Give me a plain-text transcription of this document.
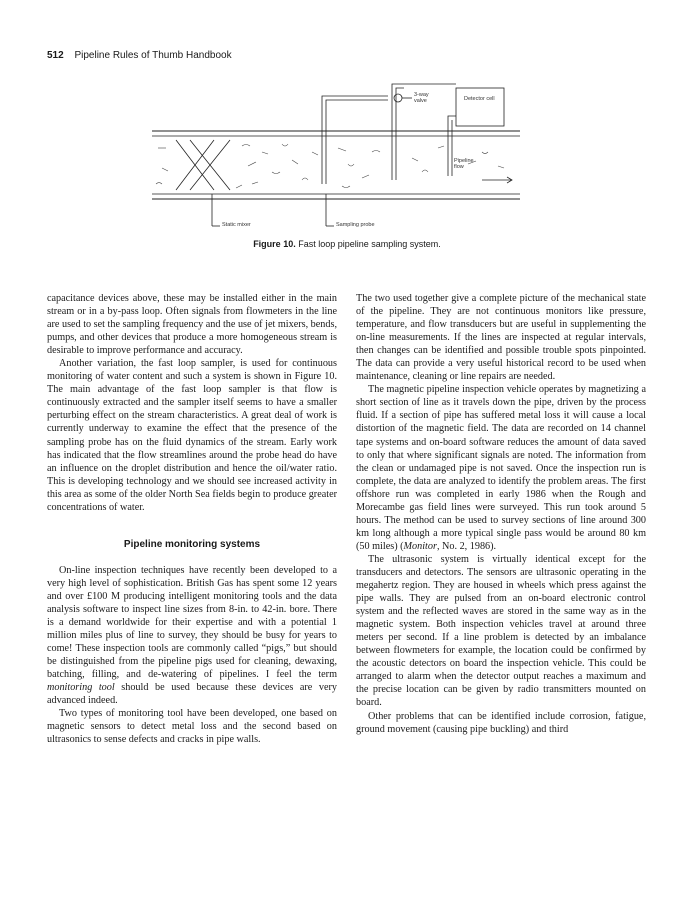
512 Pipeline Rules of Thumb Handbook
3-way
valve	Detector cell
Pipeline
flow
Static mixer	Sampling probe
Figure 10. Fast loop pipeline sampling system.

capacitance devices above, these may be installed either in the main stream or in a by-pass loop. Often signals from flowmeters in the line are used to set the sampling frequency and the use of jet mixers, bends, pumps, and other devices that produce a more homogeneous stream is desirable to improve performance and accuracy.

Another variation, the fast loop sampler, is used for continuous monitoring of water content and such a system is shown in Figure 10. The main advantage of the fast loop sampler is that flow is continuously extracted and the sampler itself seems to have a smaller perturbing effect on the stream characteristics. A great deal of work is currently underway to examine the effect that the presence of the sampling probe has on the fluid dynamics of the stream. Early work has indicated that the flow streamlines around the probe head do have an influence on the droplet distribution and hence the oil/water ratio. This is developing technology and we should see increased activity in this area as some of the older North Sea fields begin to produce greater concentrations of water.

Pipeline monitoring systems

On-line inspection techniques have recently been developed to a very high level of sophistication. British Gas has spent some 12 years and over £100 M producing intelligent monitoring tools and the data analysis software to inspect line sizes from 8-in. to 42-in. bore. There is a demand worldwide for their expertise and with a potential 1 million miles plus of line to survey, they should be busy for years to come! These inspection tools are commonly called “pigs,” but should be distinguished from the pipeline pigs used for cleaning, dewaxing, batching, filling, and de-watering of pipelines. I feel the term monitoring tool should be used because these devices are very advanced indeed.

Two types of monitoring tool have been developed, one based on magnetic sensors to detect metal loss and the second based on ultrasonics to sense defects and cracks in pipe walls.

The two used together give a complete picture of the mechanical state of the pipeline. They are not continuous monitors like pressure, temperature, and flow transducers but are useful in supplementing the on-line measurements. If the lines are inspected at regular intervals, then changes can be identified and possible trouble spots pinpointed. The data can provide a very useful historical record to be used when maintenance, cleaning or line repairs are needed.

The magnetic pipeline inspection vehicle operates by magnetizing a short section of line as it travels down the pipe, driven by the process fluid. If a section of pipe has suffered metal loss it will cause a local distortion of the magnetic field. The data are recorded on 14 channel tape systems and on-board software reduces the amount of data saved to only that where significant signals are noted. The information from the clean or undamaged pipe is not saved. Once the inspection run is complete, the data are analyzed to identify the problem areas. The first offshore run was completed in early 1986 when the Rough and Morecambe gas field lines were surveyed. This run took around 5 hours. The method can be used to survey sections of line around 300 km long although a more typical single pass would be around 80 km (50 miles) (Monitor, No. 2, 1986).

The ultrasonic system is virtually identical except for the transducers and detectors. The sensors are ultrasonic operating in the megahertz region. They are housed in wheels which press against the pipe walls. They are pulsed from an on-board electronic control system and the reflected waves are stored in the same way as in the magnetic system. Both inspection vehicles travel at around three meters per second. If a line problem is detected by an imbalance between flowmeters for example, the location could be confirmed by the acoustic detectors on board the inspection vehicle. This could be arranged to alarm when the detector output reaches a maximum and the precise location can be given by radio transmitters mounted on board.

Other problems that can be identified include corrosion, fatigue, ground movement (causing pipe buckling) and third
